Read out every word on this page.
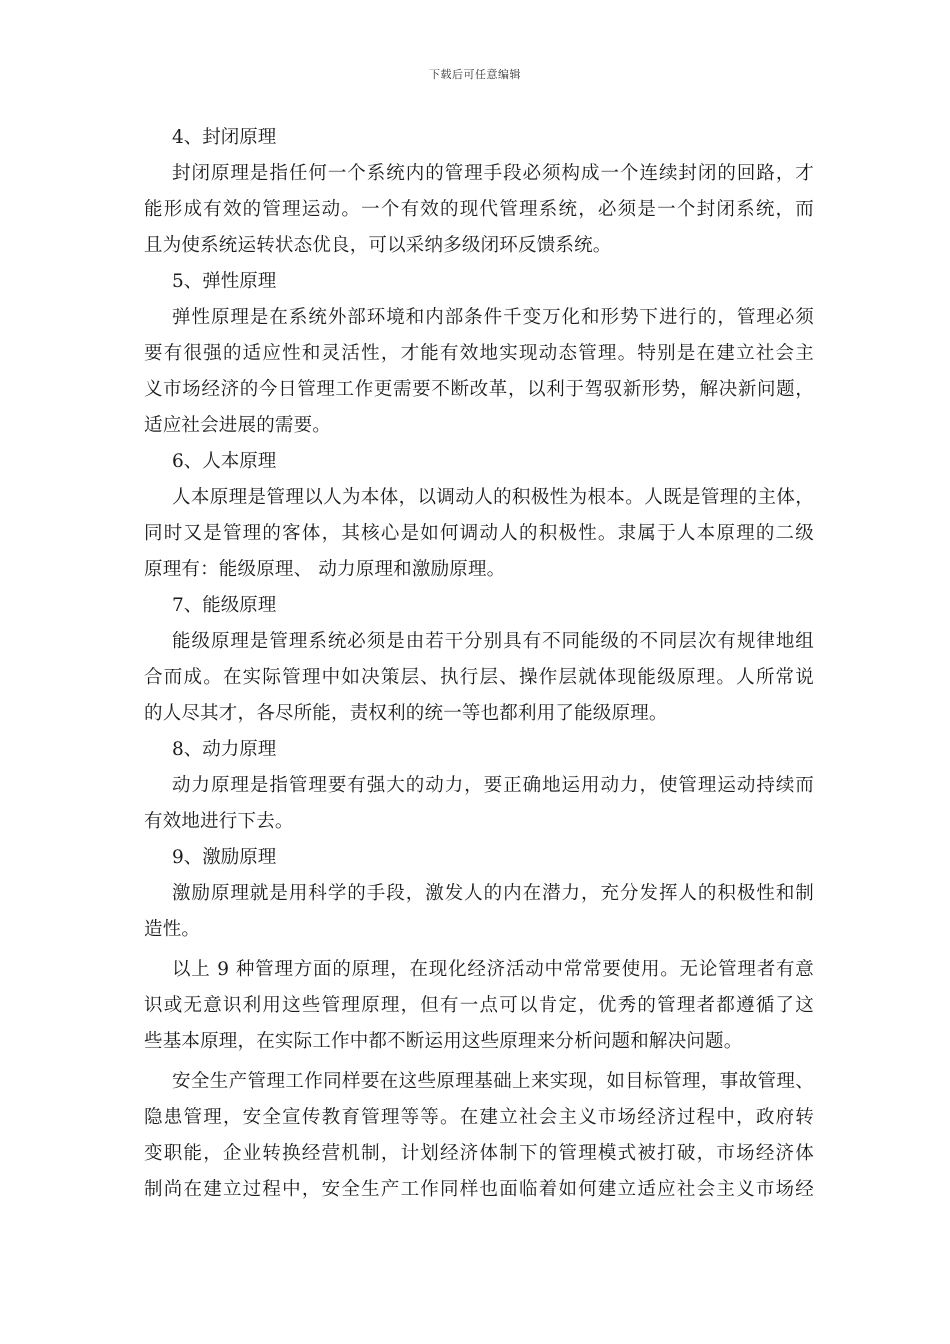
下载后可任意编辑
4、封闭原理
封闭原理是指任何一个系统内的管理手段必须构成一个连续封闭的回路，才
能形成有效的管理运动。一个有效的现代管理系统，必须是一个封闭系统，而
且为使系统运转状态优良，可以采纳多级闭环反馈系统。
5、弹性原理
弹性原理是在系统外部环境和内部条件千变万化和形势下进行的，管理必须
要有很强的适应性和灵活性，才能有效地实现动态管理。特别是在建立社会主
义市场经济的今日管理工作更需要不断改革，以利于驾驭新形势，解决新问题，
适应社会进展的需要。
6、人本原理
人本原理是管理以人为本体，以调动人的积极性为根本。人既是管理的主体，
同时又是管理的客体，其核心是如何调动人的积极性。隶属于人本原理的二级
原理有：能级原理、 动力原理和激励原理。
7、能级原理
能级原理是管理系统必须是由若干分别具有不同能级的不同层次有规律地组
合而成。在实际管理中如决策层、执行层、操作层就体现能级原理。人所常说
的人尽其才，各尽所能，责权利的统一等也都利用了能级原理。
8、动力原理
动力原理是指管理要有强大的动力，要正确地运用动力，使管理运动持续而
有效地进行下去。
9、激励原理
激励原理就是用科学的手段，激发人的内在潜力，充分发挥人的积极性和制
造性。
以上 9 种管理方面的原理，在现化经济活动中常常要使用。无论管理者有意
识或无意识利用这些管理原理，但有一点可以肯定，优秀的管理者都遵循了这
些基本原理，在实际工作中都不断运用这些原理来分析问题和解决问题。
安全生产管理工作同样要在这些原理基础上来实现，如目标管理，事故管理、
隐患管理，安全宣传教育管理等等。在建立社会主义市场经济过程中，政府转
变职能，企业转换经营机制，计划经济体制下的管理模式被打破，市场经济体
制尚在建立过程中，安全生产工作同样也面临着如何建立适应社会主义市场经
